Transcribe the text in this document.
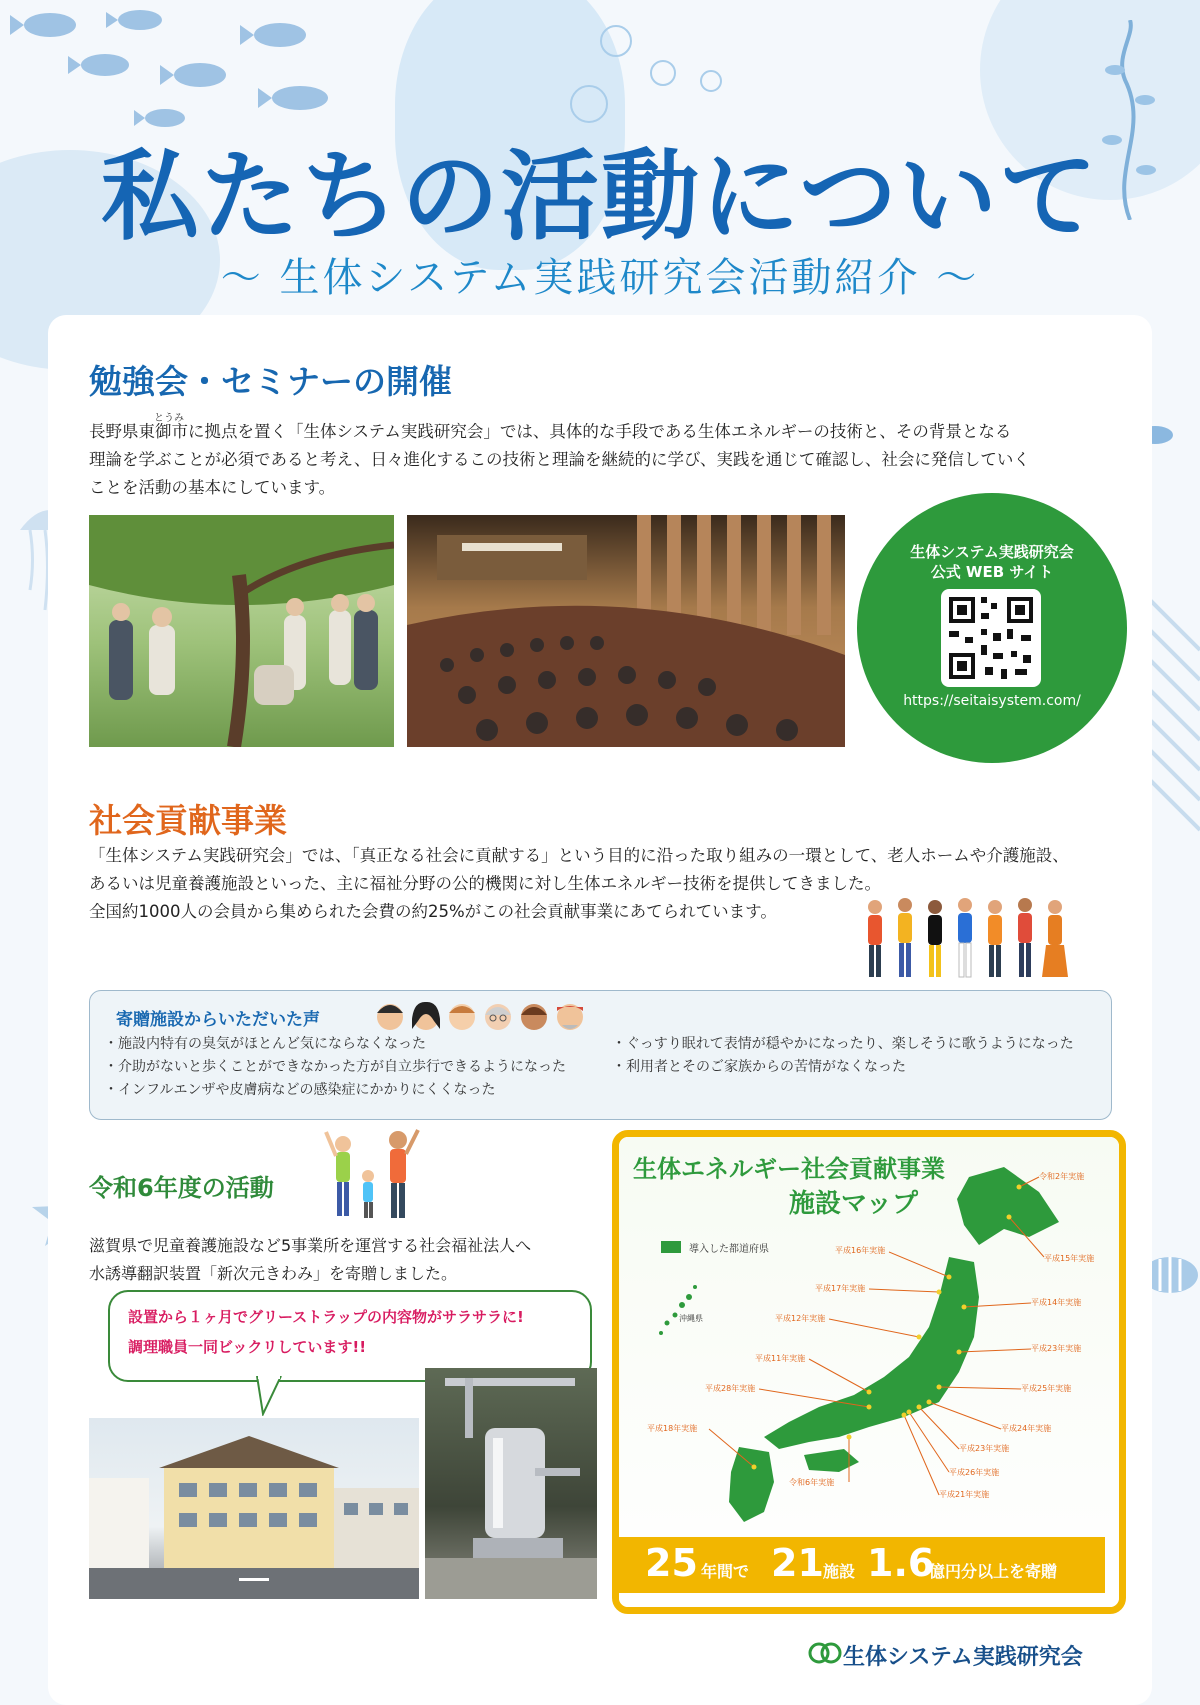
私たちの活動について
〜 生体システム実践研究会活動紹介 〜
勉強会・セミナーの開催
とうみ
長野県東御市に拠点を置く「生体システム実践研究会」では、具体的な手段である生体エネルギーの技術と、その背景となる
理論を学ぶことが必須であると考え、日々進化するこの技術と理論を継続的に学び、実践を通じて確認し、社会に発信していく
ことを活動の基本にしています。
生体システム実践研究会
公式 WEB サイト
https://seitaisystem.com/
社会貢献事業
「生体システム実践研究会」では、「真正なる社会に貢献する」という目的に沿った取り組みの一環として、老人ホームや介護施設、
あるいは児童養護施設といった、主に福祉分野の公的機関に対し生体エネルギー技術を提供してきました。
全国約1000人の会員から集められた会費の約25%がこの社会貢献事業にあてられています。
寄贈施設からいただいた声
・施設内特有の臭気がほとんど気にならなくなった
・介助がないと歩くことができなかった方が自立歩行できるようになった
・インフルエンザや皮膚病などの感染症にかかりにくくなった
・ぐっすり眠れて表情が穏やかになったり、楽しそうに歌うようになった
・利用者とそのご家族からの苦情がなくなった
令和6年度の活動
滋賀県で児童養護施設など5事業所を運営する社会福祉法人へ
水誘導翻訳装置「新次元きわみ」を寄贈しました。
設置から１ヶ月でグリーストラップの内容物がサラサラに!
調理職員一同ビックリしています!!
生体エネルギー社会貢献事業
施設マップ
導入した都道府県
沖縄県
令和2年実施
平成16年実施
平成15年実施
平成17年実施
平成14年実施
平成12年実施
平成23年実施
平成11年実施
平成28年実施	平成25年実施
平成18年実施	平成24年実施
平成23年実施
令和6年実施
平成26年実施
平成21年実施
25 年間で 21 施設 1.6
億円分以上を寄贈
生体システム実践研究会
